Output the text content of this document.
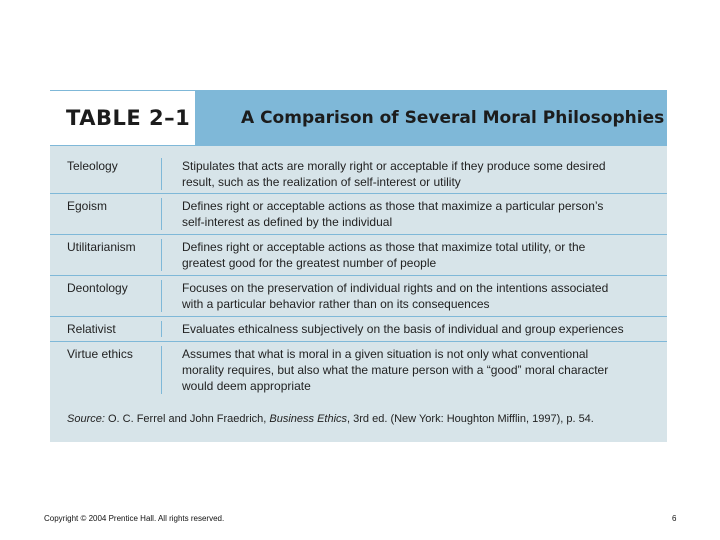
TABLE 2–1	A Comparison of Several Moral Philosophies
Teleology	Stipulates that acts are morally right or acceptable if they produce some desired
result, such as the realization of self-interest or utility
Egoism	Defines right or acceptable actions as those that maximize a particular person’s
self-interest as defined by the individual
Utilitarianism	Defines right or acceptable actions as those that maximize total utility, or the
greatest good for the greatest number of people
Deontology	Focuses on the preservation of individual rights and on the intentions associated
with a particular behavior rather than on its consequences
Relativist	Evaluates ethicalness subjectively on the basis of individual and group experiences
Virtue ethics	Assumes that what is moral in a given situation is not only what conventional
morality requires, but also what the mature person with a “good” moral character
would deem appropriate
Source: O. C. Ferrel and John Fraedrich, Business Ethics, 3rd ed. (New York: Houghton Mifflin, 1997), p. 54.
Copyright © 2004 Prentice Hall. All rights reserved.	6
